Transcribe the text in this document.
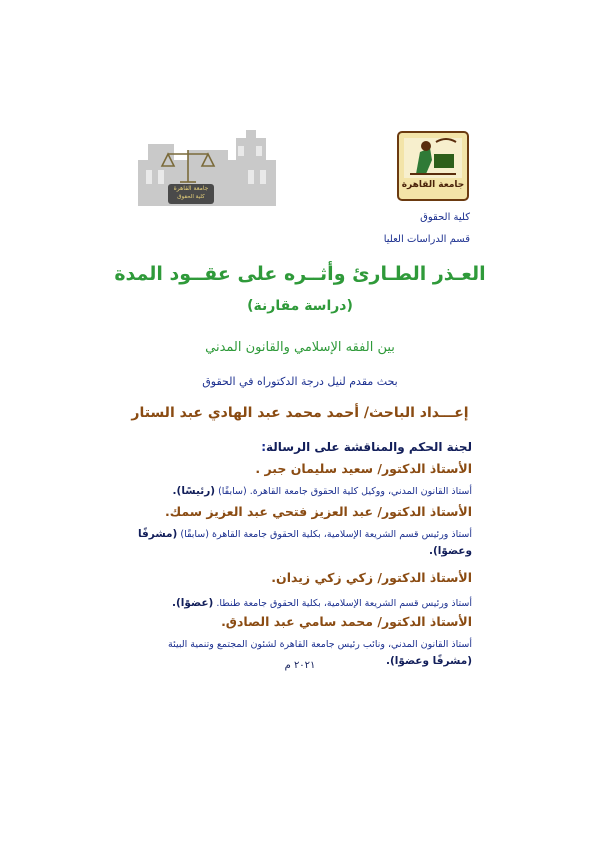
جامعة القاهرة
كلية الحقوق
جامعة القاهرة
كلية الحقوق
قسم الدراسات العليا
العـذر الطـارئ وأثــره على عقــود المدة
(دراسة مقارنة)
بين الفقه الإسلامي والقانون المدني
بحث مقدم لنيل درجة الدكتوراه في الحقوق
إعـــداد الباحث/ أحمد محمد عبد الهادي عبد الستار
لجنة الحكم والمناقشة على الرسالة:
الأستاذ الدكتور/ سعيد سليمان جبر .
أستاذ القانون المدني، ووكيل كلية الحقوق جامعة القاهرة. (سابقًا) (رئيسًا).
الأستاذ الدكتور/ عبد العزيز فتحي عبد العزيز سمك.
أستاذ ورئيس قسم الشريعة الإسلامية، بكلية الحقوق جامعة القاهرة (سابقًا) (مشرفًا وعضوًا).
الأستاذ الدكتور/ زكي زكي زيدان.
أستاذ ورئيس قسم الشريعة الإسلامية، بكلية الحقوق جامعة طنطا. (عضوًا).
الأستاذ الدكتور/ محمد سامي عبد الصادق.
أستاذ القانون المدني، ونائب رئيس جامعة القاهرة لشئون المجتمع وتنمية البيئة (مشرفًا وعضوًا).
٢٠٢١ م
